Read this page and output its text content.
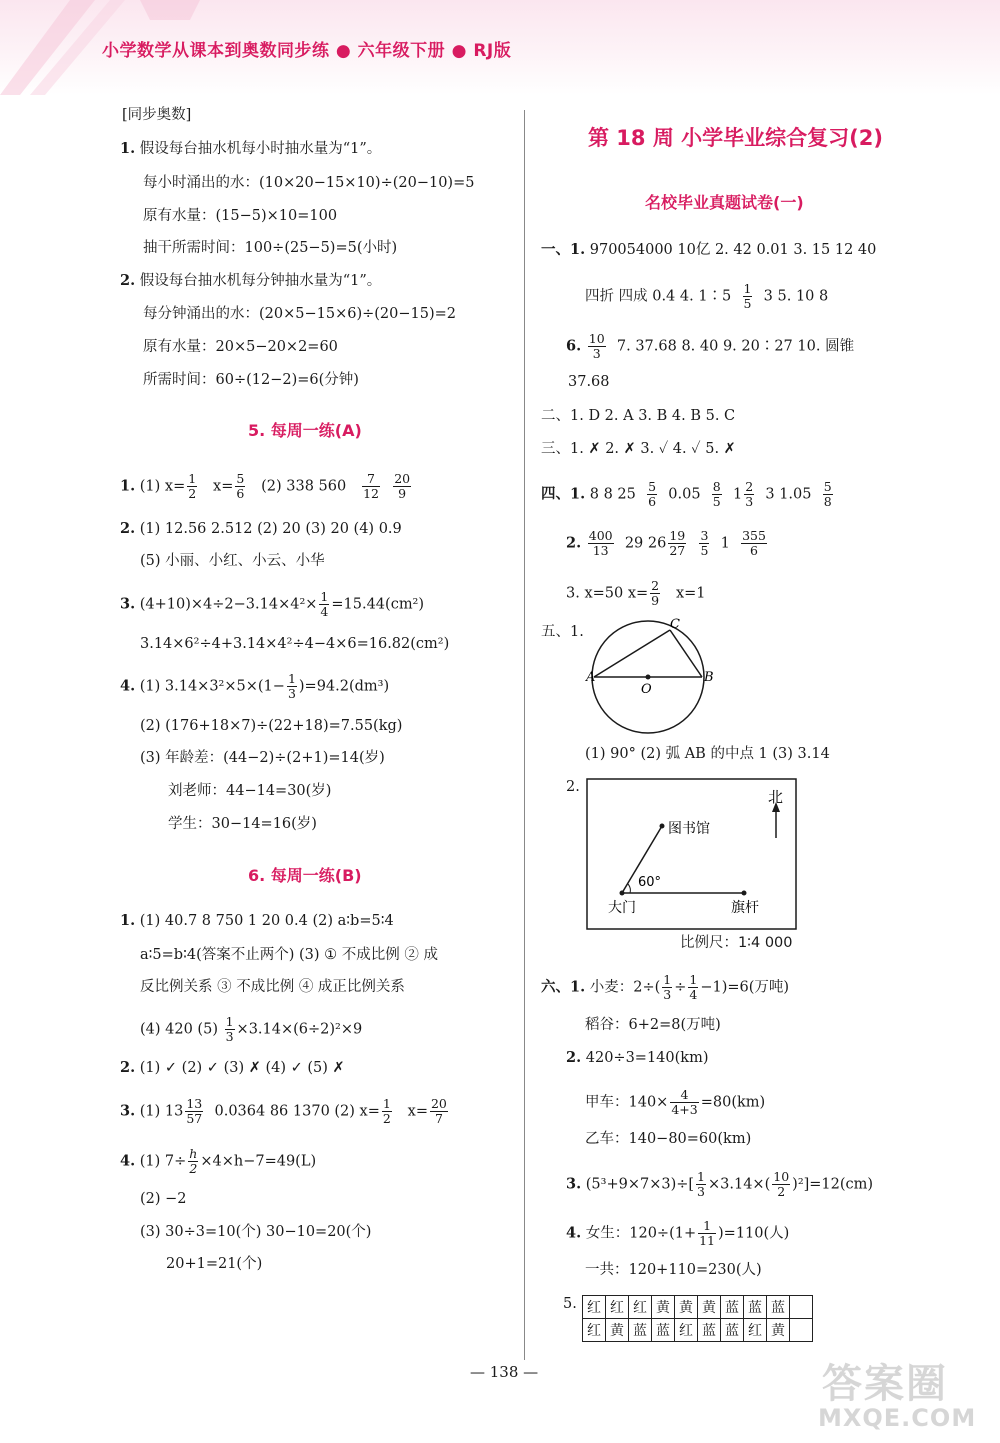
小学数学从课本到奥数同步练 ● 六年级下册 ● RJ版
[同步奥数]
1. 假设每台抽水机每小时抽水量为“1”。
每小时涌出的水：(10×20−15×10)÷(20−10)=5
原有水量：(15−5)×10=100
抽干所需时间：100÷(25−5)=5(小时)
2. 假设每台抽水机每分钟抽水量为“1”。
每分钟涌出的水：(20×5−15×6)÷(20−15)=2
原有水量：20×5−20×2=60
所需时间：60÷(12−2)=6(分钟)
5. 每周一练(A)
1. (1) $x= \frac{1}{2} x= \frac{5}{6} (2)$ 338 $560 \frac{7}{12}$
$\frac{20}{9}$
2. (1) 12.56 2.512 (2) 20 (3) 20 (4) 0.9
(5) 小丽、小红、小云、小华
3. $(4+10)\times 4\div 2-3.14\times 4^2\times \frac{1}{4} =15.44(cm^2)$
3.14×6²÷4+3.14×4²÷4−4×6=16.82(cm²)
4. (1) $3.14\times 3^2\times 5\times(1- \frac{1}{3} )=94.2(dm^3)$
(2) (176+18×7)÷(22+18)=7.55(kg)
(3) 年龄差：(44−2)÷(2+1)=14(岁)
刘老师：44−14=30(岁)
学生：30−14=16(岁)
6. 每周一练(B)
1. (1) 40.7 8 750 1 20 0.4 (2) a∶b=5∶4
a∶5=b∶4(答案不止两个) (3) ① 不成比例 ② 成
反比例关系 ③ 不成比例 ④ 成正比例关系
(4) 420 $(5) \frac{1}{3} \times 3.14\times(6\div 2)^2\times 9$
2. (1) ✓ (2) ✓ (3) ✗ (4) ✓ (5) ✗
3. (1) $13 \frac{13}{57} 0.0364$ 86 1370 (2) $x= \frac{1}{2} x= \frac{20}{7}$
4. (1) $7\div \frac{h}{2} \times 4\times h-7=49(L)$
(2) −2
(3) 30÷3=10(个) 30−10=20(个)
20+1=21(个)
第 18 周 小学毕业综合复习(2)
名校毕业真题试卷(一)
一、1. 970054000 10亿 2. 42 0.01 3. 15 12 40
四折 四成 0.4 4. 1∶5 $\frac{1}{5} 3$ 5. 10 8
6. $\frac{10}{3} 7$. 37.68 8. 40 9. 20∶27 10. 圆锥
37.68
二、1. D 2. A 3. B 4. B 5. C
三、1. ✗ 2. ✗ 3. ✓ 4. ✓ 5. ✗
四、1. 8 8 $25 \frac{5}{6} 0.05 \frac{8}{5} 1 \frac{2}{3} 3$ $1.05 \frac{5}{8}$
2. $\frac{400}{13} 29$ $26 \frac{19}{27}$
$\frac{3}{5} 1 \frac{355}{6}$
3. x=50 $x= \frac{2}{9} x=1$
五、1.
A	B
C
O
(1) 90° (2) 弧 AB 的中点 1 (3) 3.14
2.
北
图书馆
60°
大门	旗杆
比例尺：1∶4 000
六、1. 小麦：$2\div( \frac{1}{3} \div \frac{1}{4} -1)=6$(万吨)
稻谷：6+2=8(万吨)
2. 420÷3=140(km)
甲车：$140\times \frac{4}{4+3} =80(km)$
乙车：140−80=60(km)
3. $(5^3+9\times 7\times 3)\div[ \frac{1}{3} \times 3.14\times( \frac{10}{2} )^2]=12(cm)$
4. 女生：$120\div(1+ \frac{1}{11} )=110$(人)
一共：120+110=230(人)
5. 红	红	红	黄	黄	黄	蓝	蓝	蓝	
红	黄	蓝	蓝	红	蓝	蓝	红	黄	
— 138 —	答案圈
MXQE.COM
